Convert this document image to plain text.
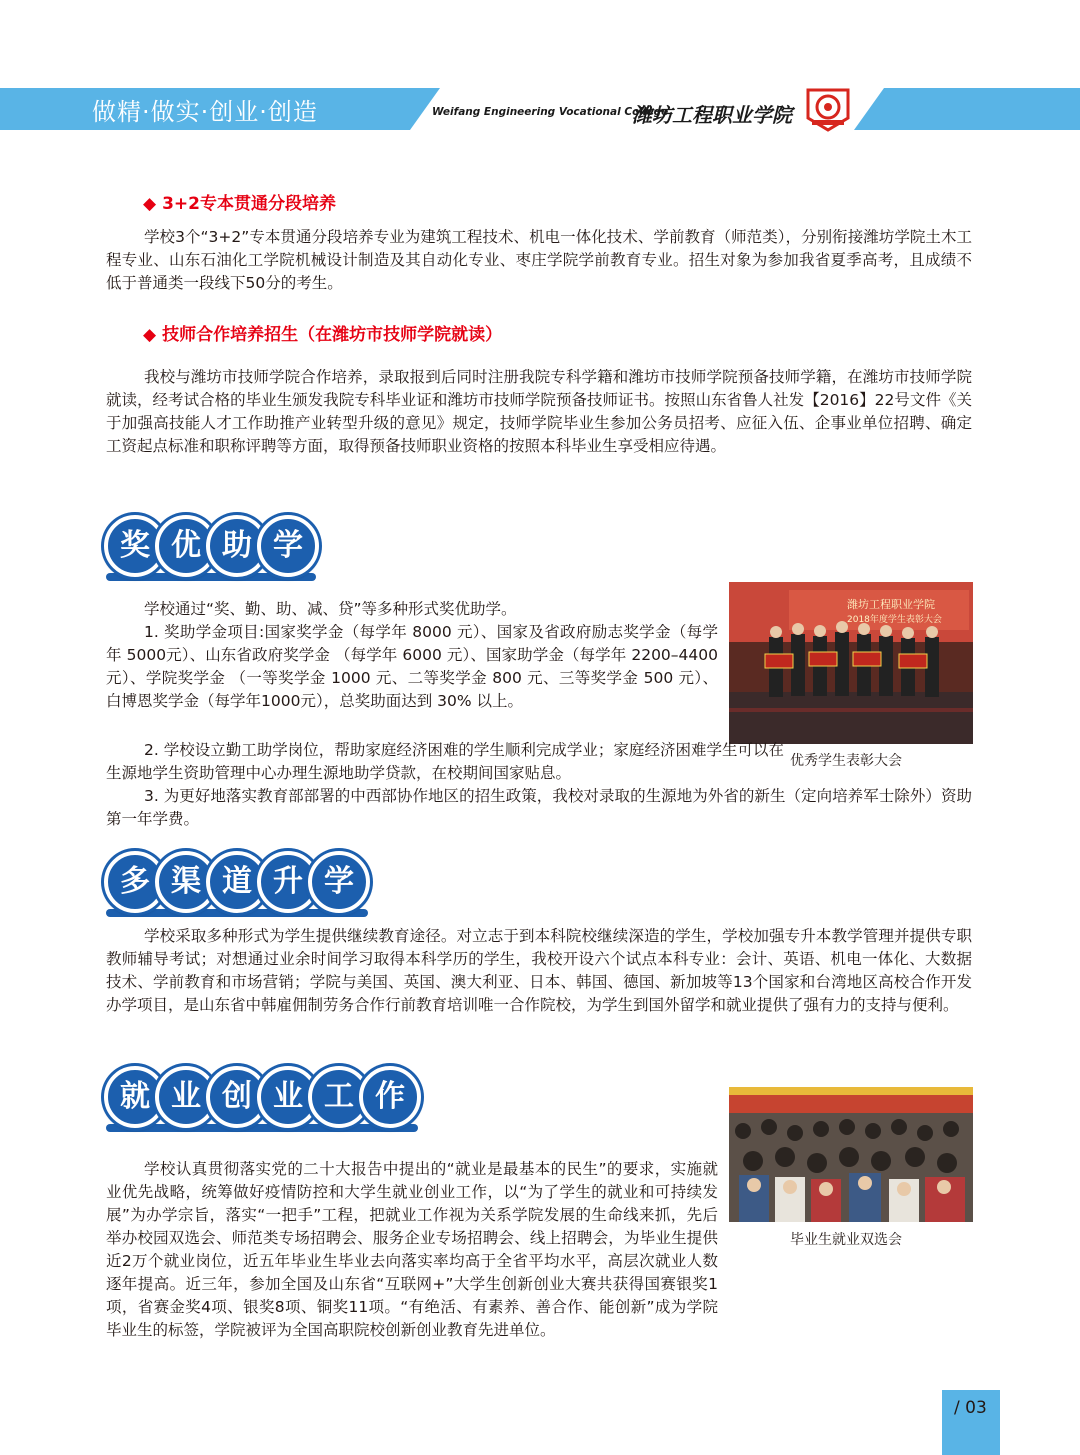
做精·做实·创业·创造	Weifang Engineering Vocational College
潍坊工程职业学院
◆ 3+2专本贯通分段培养

学校3个“3+2”专本贯通分段培养专业为建筑工程技术、机电一体化技术、学前教育（师范类），分别衔接潍坊学院土木工程专业、山东石油化工学院机械设计制造及其自动化专业、枣庄学院学前教育专业。招生对象为参加我省夏季高考，且成绩不低于普通类一段线下50分的考生。

◆ 技师合作培养招生（在潍坊市技师学院就读）

我校与潍坊市技师学院合作培养，录取报到后同时注册我院专科学籍和潍坊市技师学院预备技师学籍，在潍坊市技师学院就读，经考试合格的毕业生颁发我院专科毕业证和潍坊市技师学院预备技师证书。按照山东省鲁人社发【2016】22号文件《关于加强高技能人才工作助推产业转型升级的意见》规定，技师学院毕业生参加公务员招考、应征入伍、企事业单位招聘、确定工资起点标准和职称评聘等方面，取得预备技师职业资格的按照本科毕业生享受相应待遇。

奖 优 助 学
潍坊工程职业学院
2018年度学生表彰大会
优秀学生表彰大会

学校通过“奖、勤、助、减、贷”等多种形式奖优助学。

1. 奖助学金项目:国家奖学金（每学年 8000 元）、国家及省政府励志奖学金（每学年 5000元）、山东省政府奖学金 （每学年 6000 元）、国家助学金（每学年 2200–4400 元）、学院奖学金 （一等奖学金 1000 元、二等奖学金 800 元、三等奖学金 500 元）、白博恩奖学金（每学年1000元），总奖助面达到 30% 以上。

2. 学校设立勤工助学岗位，帮助家庭经济困难的学生顺利完成学业；家庭经济困难学生可以在生源地学生资助管理中心办理生源地助学贷款，在校期间国家贴息。

3. 为更好地落实教育部部署的中西部协作地区的招生政策，我校对录取的生源地为外省的新生（定向培养军士除外）资助第一年学费。

多 渠 道 升 学

学校采取多种形式为学生提供继续教育途径。对立志于到本科院校继续深造的学生，学校加强专升本教学管理并提供专职教师辅导考试；对想通过业余时间学习取得本科学历的学生，我校开设六个试点本科专业：会计、英语、机电一体化、大数据技术、学前教育和市场营销；学院与美国、英国、澳大利亚、日本、韩国、德国、新加坡等13个国家和台湾地区高校合作开发办学项目，是山东省中韩雇佣制劳务合作行前教育培训唯一合作院校，为学生到国外留学和就业提供了强有力的支持与便利。

就 业 创 业 工 作
毕业生就业双选会

学校认真贯彻落实党的二十大报告中提出的“就业是最基本的民生”的要求，实施就业优先战略，统筹做好疫情防控和大学生就业创业工作，以“为了学生的就业和可持续发展”为办学宗旨，落实“一把手”工程，把就业工作视为关系学院发展的生命线来抓，先后举办校园双选会、师范类专场招聘会、服务企业专场招聘会、线上招聘会，为毕业生提供近2万个就业岗位，近五年毕业生毕业去向落实率均高于全省平均水平，高层次就业人数逐年提高。近三年，参加全国及山东省“互联网+”大学生创新创业大赛共获得国赛银奖1项，省赛金奖4项、银奖8项、铜奖11项。“有绝活、有素养、善合作、能创新”成为学院毕业生的标签，学院被评为全国高职院校创新创业教育先进单位。

/ 03
